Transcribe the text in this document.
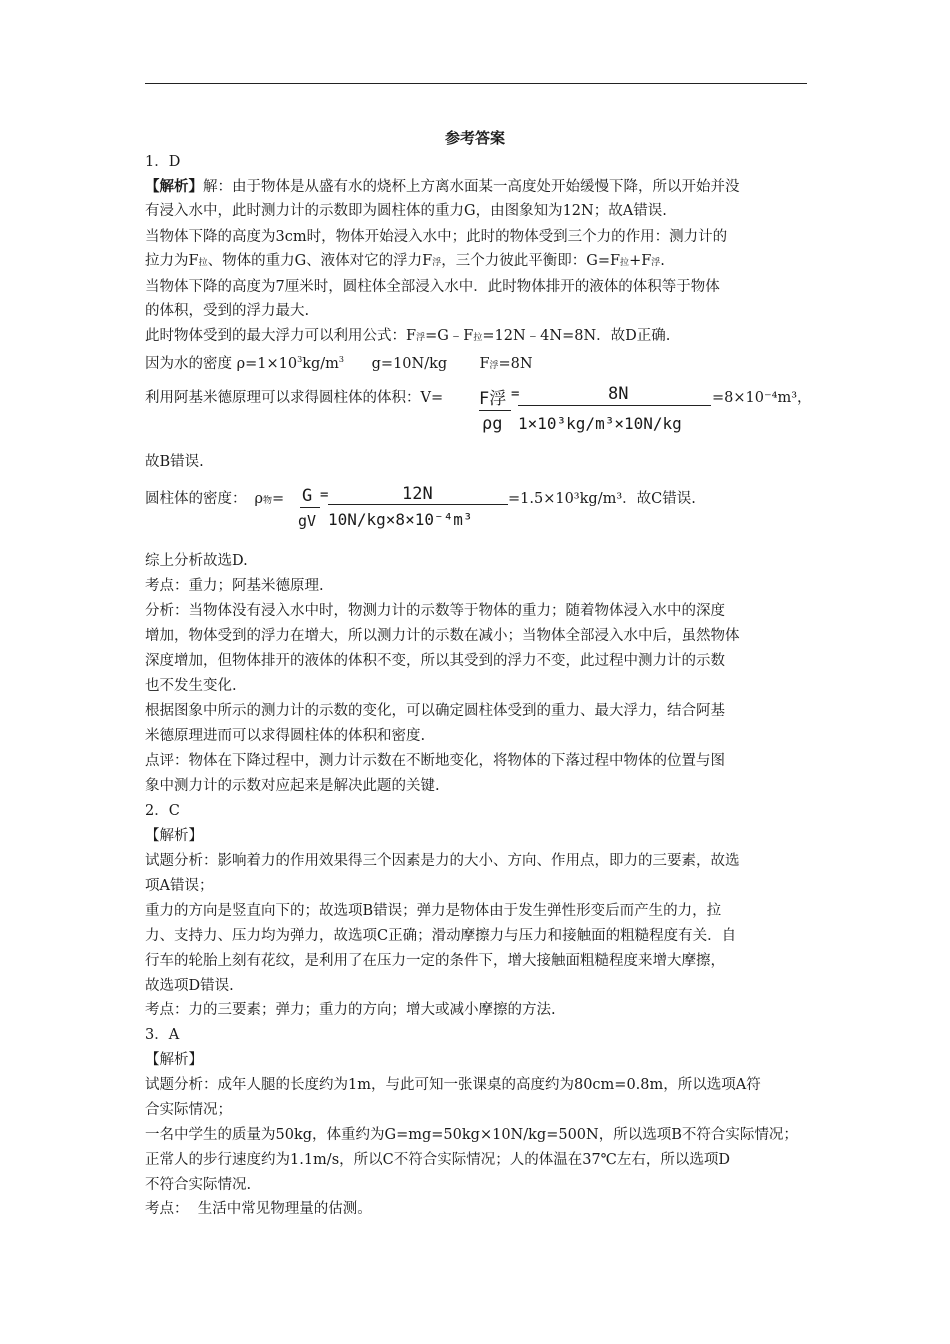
参考答案
1．D
【解析】解：由于物体是从盛有水的烧杯上方离水面某一高度处开始缓慢下降，所以开始并没
有浸入水中，此时测力计的示数即为圆柱体的重力G，由图象知为12N；故A错误.
当物体下降的高度为3cm时，物体开始浸入水中；此时的物体受到三个力的作用：测力计的
拉力为F拉、物体的重力G、液体对它的浮力F浮，三个力彼此平衡即：G=F拉+F浮.
当物体下降的高度为7厘米时，圆柱体全部浸入水中．此时物体排开的液体的体积等于物体
的体积，受到的浮力最大.
此时物体受到的最大浮力可以利用公式：F浮=G﹣F拉=12N﹣4N=8N．故D正确.
因为水的密度 $\rho=1\times 10^3kg/m^3$      g=10N/kg       F浮=8N
利用阿基米德原理可以求得圆柱体的体积：V= F浮
ρg
=	8N
1×10³kg/m³×10N/kg
=8×10⁻⁴m³，
故B错误.
圆柱体的密度： ρ物= G
gV
=	12N
10N/kg×8×10⁻⁴m³
=1.5×10³kg/m³．故C错误.
综上分析故选D.
考点：重力；阿基米德原理.
分析：当物体没有浸入水中时，物测力计的示数等于物体的重力；随着物体浸入水中的深度
增加，物体受到的浮力在增大，所以测力计的示数在减小；当物体全部浸入水中后，虽然物体
深度增加，但物体排开的液体的体积不变，所以其受到的浮力不变，此过程中测力计的示数
也不发生变化.
根据图象中所示的测力计的示数的变化，可以确定圆柱体受到的重力、最大浮力，结合阿基
米德原理进而可以求得圆柱体的体积和密度.
点评：物体在下降过程中，测力计示数在不断地变化，将物体的下落过程中物体的位置与图
象中测力计的示数对应起来是解决此题的关键.
2．C
【解析】
试题分析：影响着力的作用效果得三个因素是力的大小、方向、作用点，即力的三要素，故选
项A错误；
重力的方向是竖直向下的；故选项B错误；弹力是物体由于发生弹性形变后而产生的力，拉
力、支持力、压力均为弹力，故选项C正确；滑动摩擦力与压力和接触面的粗糙程度有关．自
行车的轮胎上刻有花纹，是利用了在压力一定的条件下，增大接触面粗糙程度来增大摩擦，
故选项D错误.
考点：力的三要素；弹力；重力的方向；增大或减小摩擦的方法.
3．A
【解析】
试题分析：成年人腿的长度约为1m，与此可知一张课桌的高度约为80cm=0.8m，所以选项A符
合实际情况；
一名中学生的质量为50kg，体重约为G=mg=50kg×10N/kg=500N，所以选项B不符合实际情况；
正常人的步行速度约为1.1m/s，所以C不符合实际情况；人的体温在37℃左右，所以选项D
不符合实际情况.
考点：  生活中常见物理量的估测。
